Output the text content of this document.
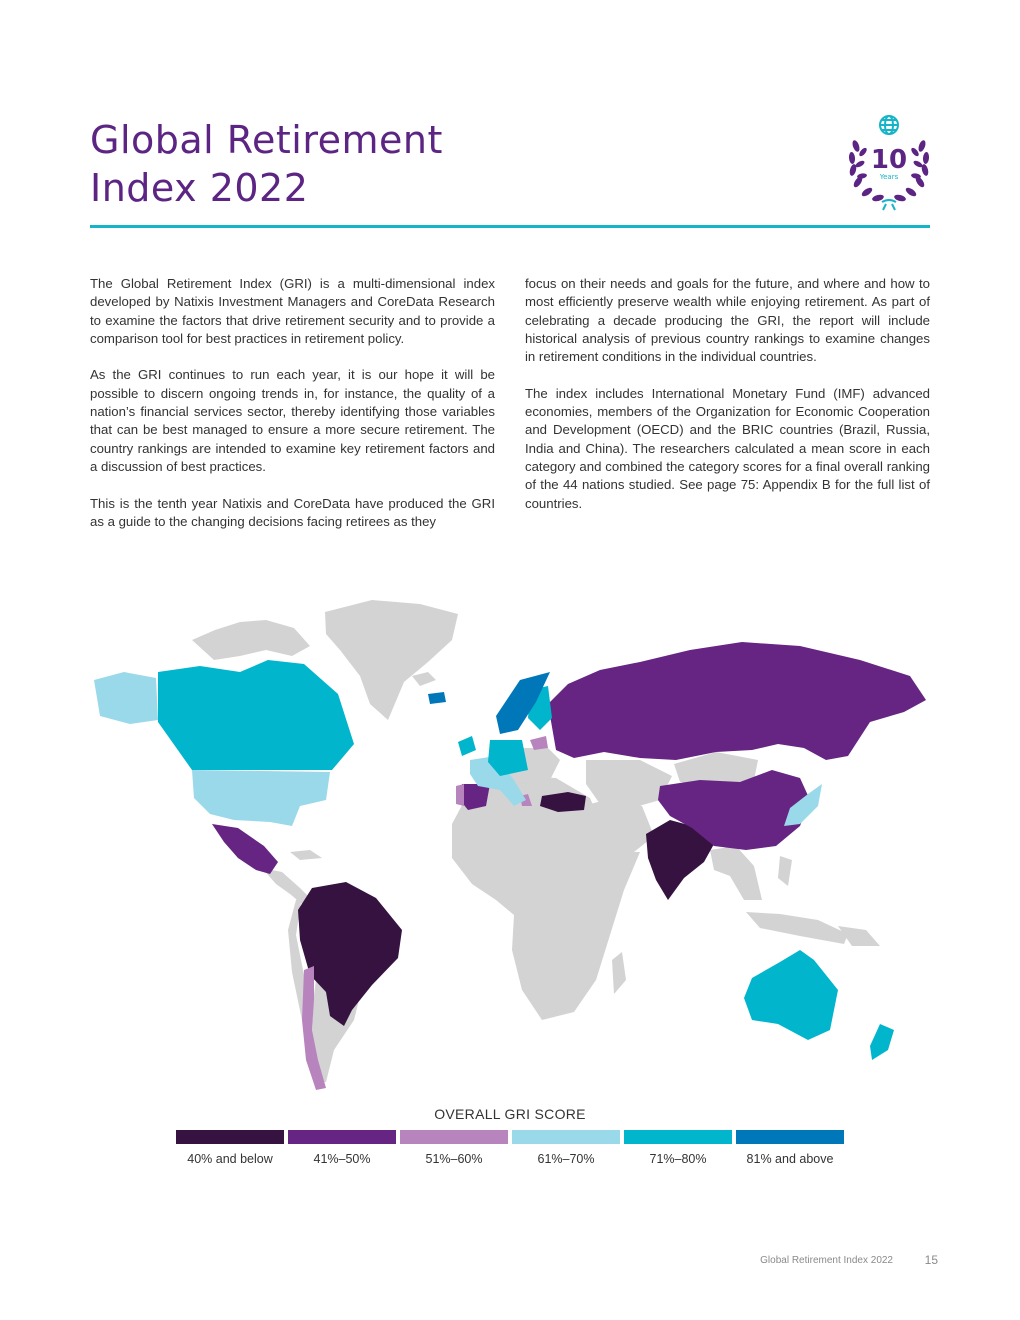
Global Retirement
Index 2022
10
Years

The Global Retirement Index (GRI) is a multi-dimensional index developed by Natixis Investment Managers and CoreData Research to examine the factors that drive retirement security and to provide a comparison tool for best practices in retirement policy.

As the GRI continues to run each year, it is our hope it will be possible to discern ongoing trends in, for instance, the quality of a nation’s financial services sector, thereby identifying those variables that can be best managed to ensure a more secure retirement. The country rankings are intended to examine key retirement factors and a discussion of best practices.

This is the tenth year Natixis and CoreData have produced the GRI as a guide to the changing decisions facing retirees as they

focus on their needs and goals for the future, and where and how to most efficiently preserve wealth while enjoying retirement. As part of celebrating a decade producing the GRI, the report will include historical analysis of previous country rankings to examine changes in retirement conditions in the individual countries.

The index includes International Monetary Fund (IMF) advanced economies, members of the Organization for Economic Cooperation and Development (OECD) and the BRIC countries (Brazil, Russia, India and China). The researchers calculated a mean score in each category and combined the category scores for a final overall ranking of the 44 nations studied. See page 75: Appendix B for the full list of countries.

OVERALL GRI SCORE
40% and below	41%–50%	51%–60%	61%–70%	71%–80%	81% and above
Global Retirement Index 2022	15
